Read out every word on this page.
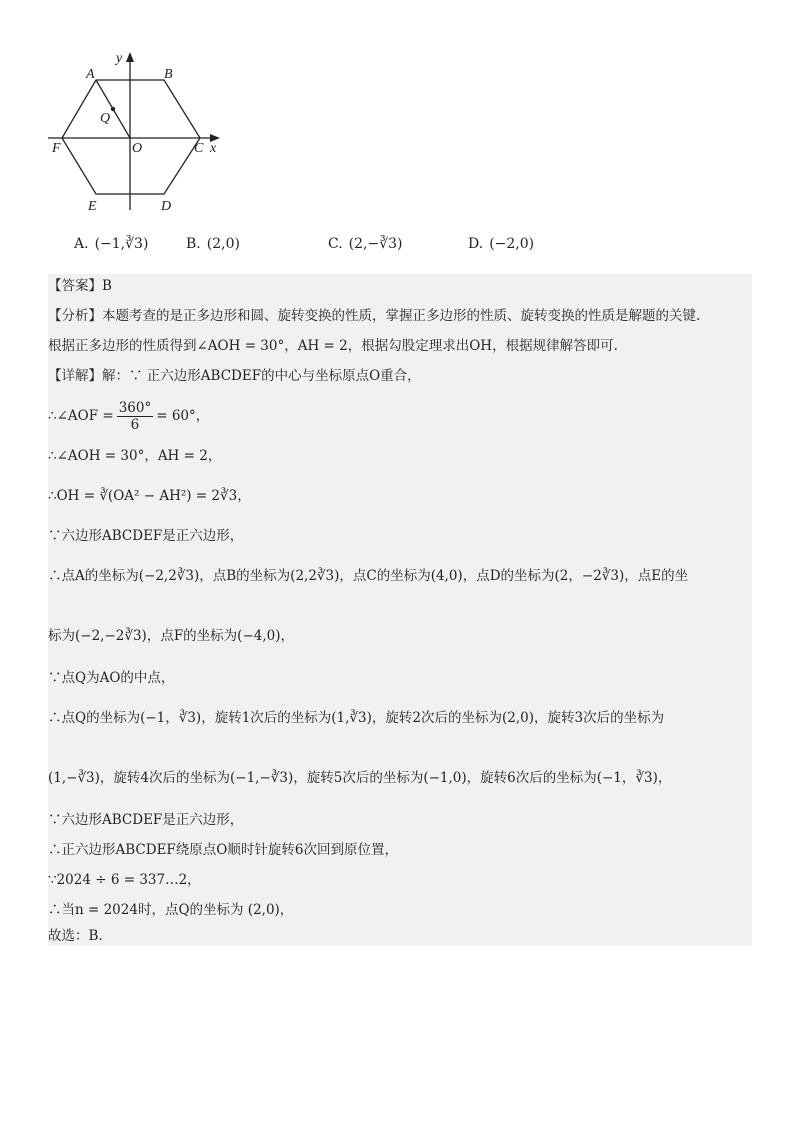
A	B
C
D
E
F	O
Q
x
y
A. (−1,∛3)	B. (2,0)	C. (2,−∛3)	D. (−2,0)
【答案】B
【分析】本题考查的是正多边形和圆、旋转变换的性质，掌握正多边形的性质、旋转变换的性质是解题的关键.
根据正多边形的性质得到∠AOH = 30°，AH = 2，根据勾股定理求出OH，根据规律解答即可.
【详解】解：∵ 正六边形ABCDEF的中心与坐标原点O重合，
∴∠AOF = $\frac{360^\circ}{6} = 60^\circ$，
∴∠AOH = 30°，AH = 2，
∴OH = ∛(OA² − AH²) = 2∛3，
∵六边形ABCDEF是正六边形，
∴点A的坐标为(−2,2∛3)，点B的坐标为(2,2∛3)，点C的坐标为(4,0)，点D的坐标为(2，−2∛3)，点E的坐
标为(−2,−2∛3)，点F的坐标为(−4,0)，
∵点Q为AO的中点，
∴点Q的坐标为(−1，∛3)，旋转1次后的坐标为(1,∛3)，旋转2次后的坐标为(2,0)，旋转3次后的坐标为
(1,−∛3)，旋转4次后的坐标为(−1,−∛3)，旋转5次后的坐标为(−1,0)，旋转6次后的坐标为(−1，∛3)，
∵六边形ABCDEF是正六边形，
∴正六边形ABCDEF绕原点O顺时针旋转6次回到原位置，
∵2024 ÷ 6 = 337…2，
∴当n = 2024时，点Q的坐标为 (2,0)，
故选：B.
